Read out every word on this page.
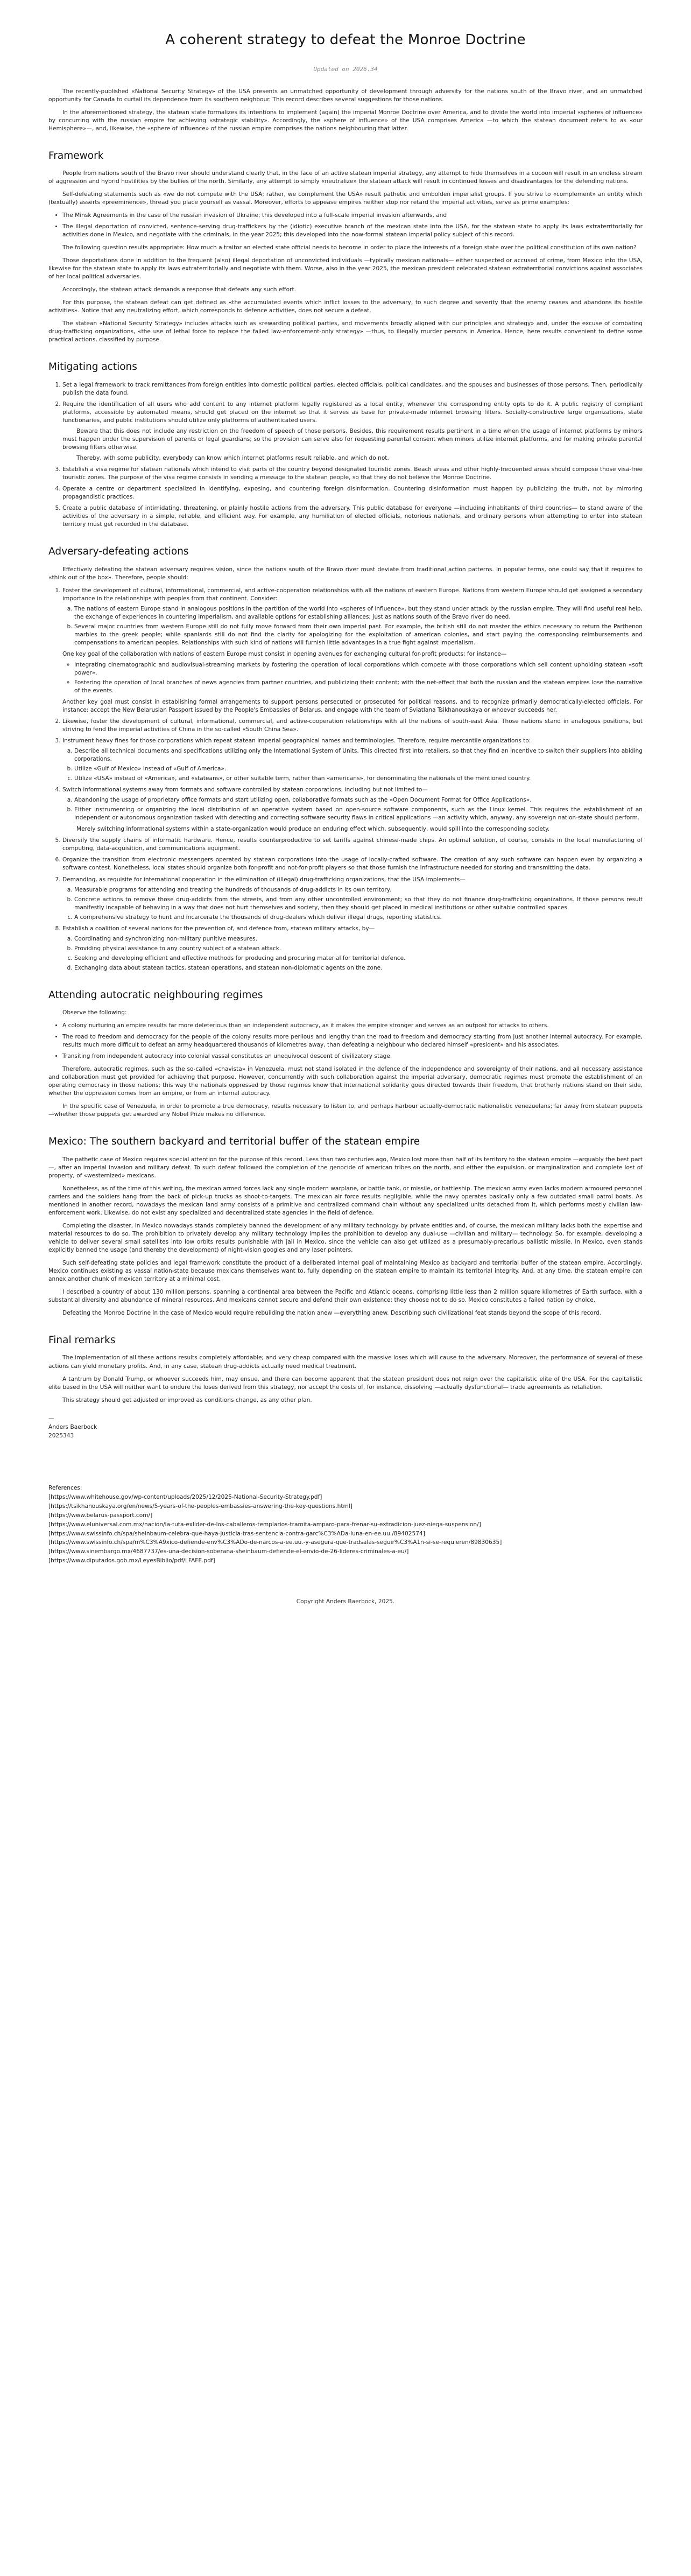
A coherent strategy to defeat the Monroe Doctrine
Updated on 2026.34

The recently-published «National Security Strategy» of the USA presents an unmatched opportunity of development through adversity for the nations south of the Bravo river, and an unmatched opportunity for Canada to curtail its dependence from its southern neighbour. This record describes several suggestions for those nations.

In the aforementioned strategy, the statean state formalizes its intentions to implement (again) the imperial Monroe Doctrine over America, and to divide the world into imperial «spheres of influence» by concurring with the russian empire for achieving «strategic stability». Accordingly, the «sphere of influence» of the USA comprises America —to which the statean document refers to as «our Hemisphere»—, and, likewise, the «sphere of influence» of the russian empire comprises the nations neighbouring that latter.

Framework

People from nations south of the Bravo river should understand clearly that, in the face of an active statean imperial strategy, any attempt to hide themselves in a cocoon will result in an endless stream of aggression and hybrid hostilities by the bullies of the north. Similarly, any attempt to simply «neutralize» the statean attack will result in continued losses and disadvantages for the defending nations.

Self-defeating statements such as «we do not compete with the USA; rather, we complement the USA» result pathetic and embolden imperialist groups. If you strive to «complement» an entity which (textually) asserts «preeminence», thread you place yourself as vassal. Moreover, efforts to appease empires neither stop nor retard the imperial activities, serve as prime examples:

• The Minsk Agreements in the case of the russian invasion of Ukraine; this developed into a full-scale imperial invasion afterwards, and
• The illegal deportation of convicted, sentence-serving drug-traffickers by the (idiotic) executive branch of the mexican state into the USA, for the statean state to apply its laws extraterritorially for activities done in Mexico, and negotiate with the criminals, in the year 2025; this developed into the now-formal statean imperial policy subject of this record.

The following question results appropriate: How much a traitor an elected state official needs to become in order to place the interests of a foreign state over the political constitution of its own nation?

Those deportations done in addition to the frequent (also) illegal deportation of unconvicted individuals —typically mexican nationals— either suspected or accused of crime, from Mexico into the USA, likewise for the statean state to apply its laws extraterritorially and negotiate with them. Worse, also in the year 2025, the mexican president celebrated statean extraterritorial convictions against associates of her local political adversaries.

Accordingly, the statean attack demands a response that defeats any such effort.

For this purpose, the statean defeat can get defined as «the accumulated events which inflict losses to the adversary, to such degree and severity that the enemy ceases and abandons its hostile activities». Notice that any neutralizing effort, which corresponds to defence activities, does not secure a defeat.

The statean «National Security Strategy» includes attacks such as «rewarding political parties, and movements broadly aligned with our principles and strategy» and, under the excuse of combating drug-trafficking organizations, «the use of lethal force to replace the failed law-enforcement-only strategy» —thus, to illegally murder persons in America. Hence, here results convenient to define some practical actions, classified by purpose.

Mitigating actions
1. Set a legal framework to track remittances from foreign entities into domestic political parties, elected officials, political candidates, and the spouses and businesses of those persons. Then, periodically publish the data found.
2. Require the identification of all users who add content to any internet platform legally registered as a local entity, whenever the corresponding entity opts to do it. A public registry of compliant platforms, accessible by automated means, should get placed on the internet so that it serves as base for private-made internet browsing filters. Socially-constructive large organizations, state functionaries, and public institutions should utilize only platforms of authenticated users.

Beware that this does not include any restriction on the freedom of speech of those persons. Besides, this requirement results pertinent in a time when the usage of internet platforms by minors must happen under the supervision of parents or legal guardians; so the provision can serve also for requesting parental consent when minors utilize internet platforms, and for making private parental browsing filters otherwise.

Thereby, with some publicity, everybody can know which internet platforms result reliable, and which do not.

3. Establish a visa regime for statean nationals which intend to visit parts of the country beyond designated touristic zones. Beach areas and other highly-frequented areas should compose those visa-free touristic zones. The purpose of the visa regime consists in sending a message to the statean people, so that they do not believe the Monroe Doctrine.
4. Operate a centre or department specialized in identifying, exposing, and countering foreign disinformation. Countering disinformation must happen by publicizing the truth, not by mirroring propagandistic practices.
5. Create a public database of intimidating, threatening, or plainly hostile actions from the adversary. This public database for everyone —including inhabitants of third countries— to stand aware of the activities of the adversary in a simple, reliable, and efficient way. For example, any humiliation of elected officials, notorious nationals, and ordinary persons when attempting to enter into statean territory must get recorded in the database.
Adversary-defeating actions

Effectively defeating the statean adversary requires vision, since the nations south of the Bravo river must deviate from traditional action patterns. In popular terms, one could say that it requires to «think out of the box». Therefore, people should:

1. Foster the development of cultural, informational, commercial, and active-cooperation relationships with all the nations of eastern Europe. Nations from western Europe should get assigned a secondary importance in the relationships with peoples from that continent. Consider:
a. The nations of eastern Europe stand in analogous positions in the partition of the world into «spheres of influence», but they stand under attack by the russian empire. They will find useful real help, the exchange of experiences in countering imperialism, and available options for establishing alliances; just as nations south of the Bravo river do need.
b. Several major countries from western Europe still do not fully move forward from their own imperial past. For example, the british still do not master the ethics necessary to return the Parthenon marbles to the greek people; while spaniards still do not find the clarity for apologizing for the exploitation of american colonies, and start paying the corresponding reimbursements and compensations to american peoples. Relationships with such kind of nations will furnish little advantages in a true fight against imperialism.

One key goal of the collaboration with nations of eastern Europe must consist in opening avenues for exchanging cultural for-profit products; for instance—

◦ Integrating cinematographic and audiovisual-streaming markets by fostering the operation of local corporations which compete with those corporations which sell content upholding statean «soft power».
◦ Fostering the operation of local branches of news agencies from partner countries, and publicizing their content; with the net-effect that both the russian and the statean empires lose the narrative of the events.

Another key goal must consist in establishing formal arrangements to support persons persecuted or prosecuted for political reasons, and to recognize primarily democratically-elected officials. For instance: accept the New Belarusian Passport issued by the People's Embassies of Belarus, and engage with the team of Sviatlana Tsikhanouskaya or whoever succeeds her.

2. Likewise, foster the development of cultural, informational, commercial, and active-cooperation relationships with all the nations of south-east Asia. Those nations stand in analogous positions, but striving to fend the imperial activities of China in the so-called «South China Sea».
3. Instrument heavy fines for those corporations which repeat statean imperial geographical names and terminologies. Therefore, require mercantile organizations to:
a. Describe all technical documents and specifications utilizing only the International System of Units. This directed first into retailers, so that they find an incentive to switch their suppliers into abiding corporations.
b. Utilize «Gulf of Mexico» instead of «Gulf of America».
c. Utilize «USA» instead of «America», and «stateans», or other suitable term, rather than «americans», for denominating the nationals of the mentioned country.
4. Switch informational systems away from formats and software controlled by statean corporations, including but not limited to—
a. Abandoning the usage of proprietary office formats and start utilizing open, collaborative formats such as the «Open Document Format for Office Applications».
b. Either instrumenting or organizing the local distribution of an operative system based on open-source software components, such as the Linux kernel. This requires the establishment of an independent or autonomous organization tasked with detecting and correcting software security flaws in critical applications —an activity which, anyway, any sovereign nation-state should perform.

Merely switching informational systems within a state-organization would produce an enduring effect which, subsequently, would spill into the corresponding society.

5. Diversify the supply chains of informatic hardware. Hence, results counterproductive to set tariffs against chinese-made chips. An optimal solution, of course, consists in the local manufacturing of computing, data-acquisition, and communications equipment.
6. Organize the transition from electronic messengers operated by statean corporations into the usage of locally-crafted software. The creation of any such software can happen even by organizing a software contest. Nonetheless, local states should organize both for-profit and not-for-profit players so that those furnish the infrastructure needed for storing and transmitting the data.
7. Demanding, as requisite for international cooperation in the elimination of (illegal) drug-trafficking organizations, that the USA implements—
a. Measurable programs for attending and treating the hundreds of thousands of drug-addicts in its own territory.
b. Concrete actions to remove those drug-addicts from the streets, and from any other uncontrolled environment; so that they do not finance drug-trafficking organizations. If those persons result manifestly incapable of behaving in a way that does not hurt themselves and society, then they should get placed in medical institutions or other suitable controlled spaces.
c. A comprehensive strategy to hunt and incarcerate the thousands of drug-dealers which deliver illegal drugs, reporting statistics.
8. Establish a coalition of several nations for the prevention of, and defence from, statean military attacks, by—
a. Coordinating and synchronizing non-military punitive measures.
b. Providing physical assistance to any country subject of a statean attack.
c. Seeking and developing efficient and effective methods for producing and procuring material for territorial defence.
d. Exchanging data about statean tactics, statean operations, and statean non-diplomatic agents on the zone.
Attending autocratic neighbouring regimes

Observe the following:

• A colony nurturing an empire results far more deleterious than an independent autocracy, as it makes the empire stronger and serves as an outpost for attacks to others.
• The road to freedom and democracy for the people of the colony results more perilous and lengthy than the road to freedom and democracy starting from just another internal autocracy. For example, results much more difficult to defeat an army headquartered thousands of kilometres away, than defeating a neighbour who declared himself «president» and his associates.
• Transiting from independent autocracy into colonial vassal constitutes an unequivocal descent of civilizatory stage.

Therefore, autocratic regimes, such as the so-called «chavista» in Venezuela, must not stand isolated in the defence of the independence and sovereignty of their nations, and all necessary assistance and collaboration must get provided for achieving that purpose. However, concurrently with such collaboration against the imperial adversary, democratic regimes must promote the establishment of an operating democracy in those nations; this way the nationals oppressed by those regimes know that international solidarity goes directed towards their freedom, that brotherly nations stand on their side, whether the oppression comes from an empire, or from an internal autocracy.

In the specific case of Venezuela, in order to promote a true democracy, results necessary to listen to, and perhaps harbour actually-democratic nationalistic venezuelans; far away from statean puppets —whether those puppets get awarded any Nobel Prize makes no difference.

Mexico: The southern backyard and territorial buffer of the statean empire

The pathetic case of Mexico requires special attention for the purpose of this record. Less than two centuries ago, Mexico lost more than half of its territory to the statean empire —arguably the best part—, after an imperial invasion and military defeat. To such defeat followed the completion of the genocide of american tribes on the north, and either the expulsion, or marginalization and complete lost of property, of «westernized» mexicans.

Nonetheless, as of the time of this writing, the mexican armed forces lack any single modern warplane, or battle tank, or missile, or battleship. The mexican army even lacks modern armoured personnel carriers and the soldiers hang from the back of pick-up trucks as shoot-to-targets. The mexican air force results negligible, while the navy operates basically only a few outdated small patrol boats. As mentioned in another record, nowadays the mexican land army consists of a primitive and centralized command chain without any specialized units detached from it, which performs mostly civilian law-enforcement work. Likewise, do not exist any specialized and decentralized state agencies in the field of defence.

Completing the disaster, in Mexico nowadays stands completely banned the development of any military technology by private entities and, of course, the mexican military lacks both the expertise and material resources to do so. The prohibition to privately develop any military technology implies the prohibition to develop any dual-use —civilian and military— technology. So, for example, developing a vehicle to deliver several small satellites into low orbits results punishable with jail in Mexico, since the vehicle can also get utilized as a presumably-precarious ballistic missile. In Mexico, even stands explicitly banned the usage (and thereby the development) of night-vision googles and any laser pointers.

Such self-defeating state policies and legal framework constitute the product of a deliberated internal goal of maintaining Mexico as backyard and territorial buffer of the statean empire. Accordingly, Mexico continues existing as vassal nation-state because mexicans themselves want to, fully depending on the statean empire to maintain its territorial integrity. And, at any time, the statean empire can annex another chunk of mexican territory at a minimal cost.

I described a country of about 130 million persons, spanning a continental area between the Pacific and Atlantic oceans, comprising little less than 2 million square kilometres of Earth surface, with a substantial diversity and abundance of mineral resources. And mexicans cannot secure and defend their own existence; they choose not to do so. Mexico constitutes a failed nation by choice.

Defeating the Monroe Doctrine in the case of Mexico would require rebuilding the nation anew —everything anew. Describing such civilizational feat stands beyond the scope of this record.

Final remarks

The implementation of all these actions results completely affordable; and very cheap compared with the massive loses which will cause to the adversary. Moreover, the performance of several of these actions can yield monetary profits. And, in any case, statean drug-addicts actually need medical treatment.

A tantrum by Donald Trump, or whoever succeeds him, may ensue, and there can become apparent that the statean president does not reign over the capitalistic elite of the USA. For the capitalistic elite based in the USA will neither want to endure the loses derived from this strategy, nor accept the costs of, for instance, dissolving —actually dysfunctional— trade agreements as retaliation.

This strategy should get adjusted or improved as conditions change, as any other plan.

—
Anders Baerbock
2025343
References:
[https://www.whitehouse.gov/wp-content/uploads/2025/12/2025-National-Security-Strategy.pdf]
[https://tsikhanouskaya.org/en/news/5-years-of-the-peoples-embassies-answering-the-key-questions.html]
[https://www.belarus-passport.com/]
[https://www.eluniversal.com.mx/nacion/la-tuta-exlider-de-los-caballeros-templarios-tramita-amparo-para-frenar-su-extradicion-juez-niega-suspension/]
[https://www.swissinfo.ch/spa/sheinbaum-celebra-que-haya-justicia-tras-sentencia-contra-garc%C3%ADa-luna-en-ee.uu./89402574]
[https://www.swissinfo.ch/spa/m%C3%A9xico-defiende-env%C3%ADo-de-narcos-a-ee.uu.-y-asegura-que-tradsalas-seguir%C3%A1n-si-se-requieren/89830635]
[https://www.sinembargo.mx/4687737/es-una-decision-soberana-sheinbaum-defiende-el-envio-de-26-lideres-criminales-a-eu/]
[https://www.diputados.gob.mx/LeyesBiblio/pdf/LFAFE.pdf]
Copyright Anders Baerbock, 2025.
